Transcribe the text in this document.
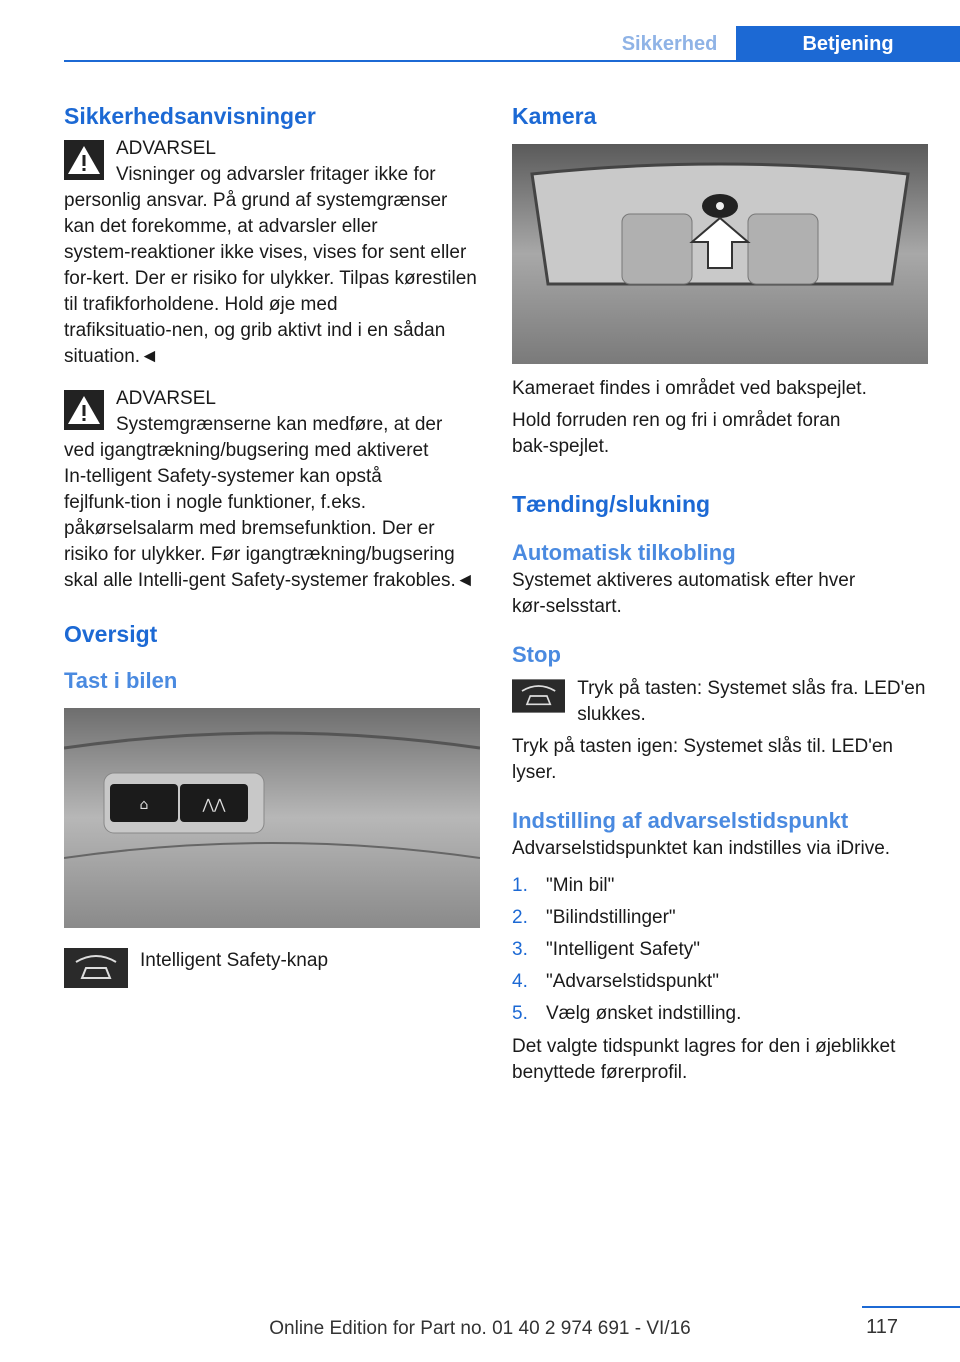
Sikkerhed	Betjening
Sikkerhedsanvisninger
ADVARSEL

Visninger og advarsler fritager ikke for
personlig ansvar. På grund af systemgrænser kan det forekomme, at advarsler eller system‑reaktioner ikke vises, vises for sent eller for‑kert. Der er risiko for ulykker. Tilpas kørestilen til trafikforholdene. Hold øje med trafiksituatio‑nen, og grib aktivt ind i en sådan situation.◄

ADVARSEL

Systemgrænserne kan medføre, at der
ved igangtrækning/bugsering med aktiveret In‑telligent Safety‑systemer kan opstå fejlfunk‑tion i nogle funktioner, f.eks. påkørselsalarm med bremsefunktion. Der er risiko for ulykker. Før igangtrækning/bugsering skal alle Intelli‑gent Safety‑systemer frakobles.◄

Oversigt
Tast i bilen
⌂	⋀⋀

Intelligent Safety-knap

Kamera

Kameraet findes i området ved bakspejlet.

Hold forruden ren og fri i området foran bak‑spejlet.

Tænding/slukning
Automatisk tilkobling

Systemet aktiveres automatisk efter hver kør‑selsstart.

Stop

Tryk på tasten: Systemet slås fra. LED'en slukkes.

Tryk på tasten igen: Systemet slås til. LED'en lyser.

Indstilling af advarselstidspunkt

Advarselstidspunktet kan indstilles via iDrive.

1. "Min bil"
2. "Bilindstillinger"
3. "Intelligent Safety"
4. "Advarselstidspunkt"
5. Vælg ønsket indstilling.

Det valgte tidspunkt lagres for den i øjeblikket benyttede førerprofil.

117
Online Edition for Part no. 01 40 2 974 691 - VI/16
